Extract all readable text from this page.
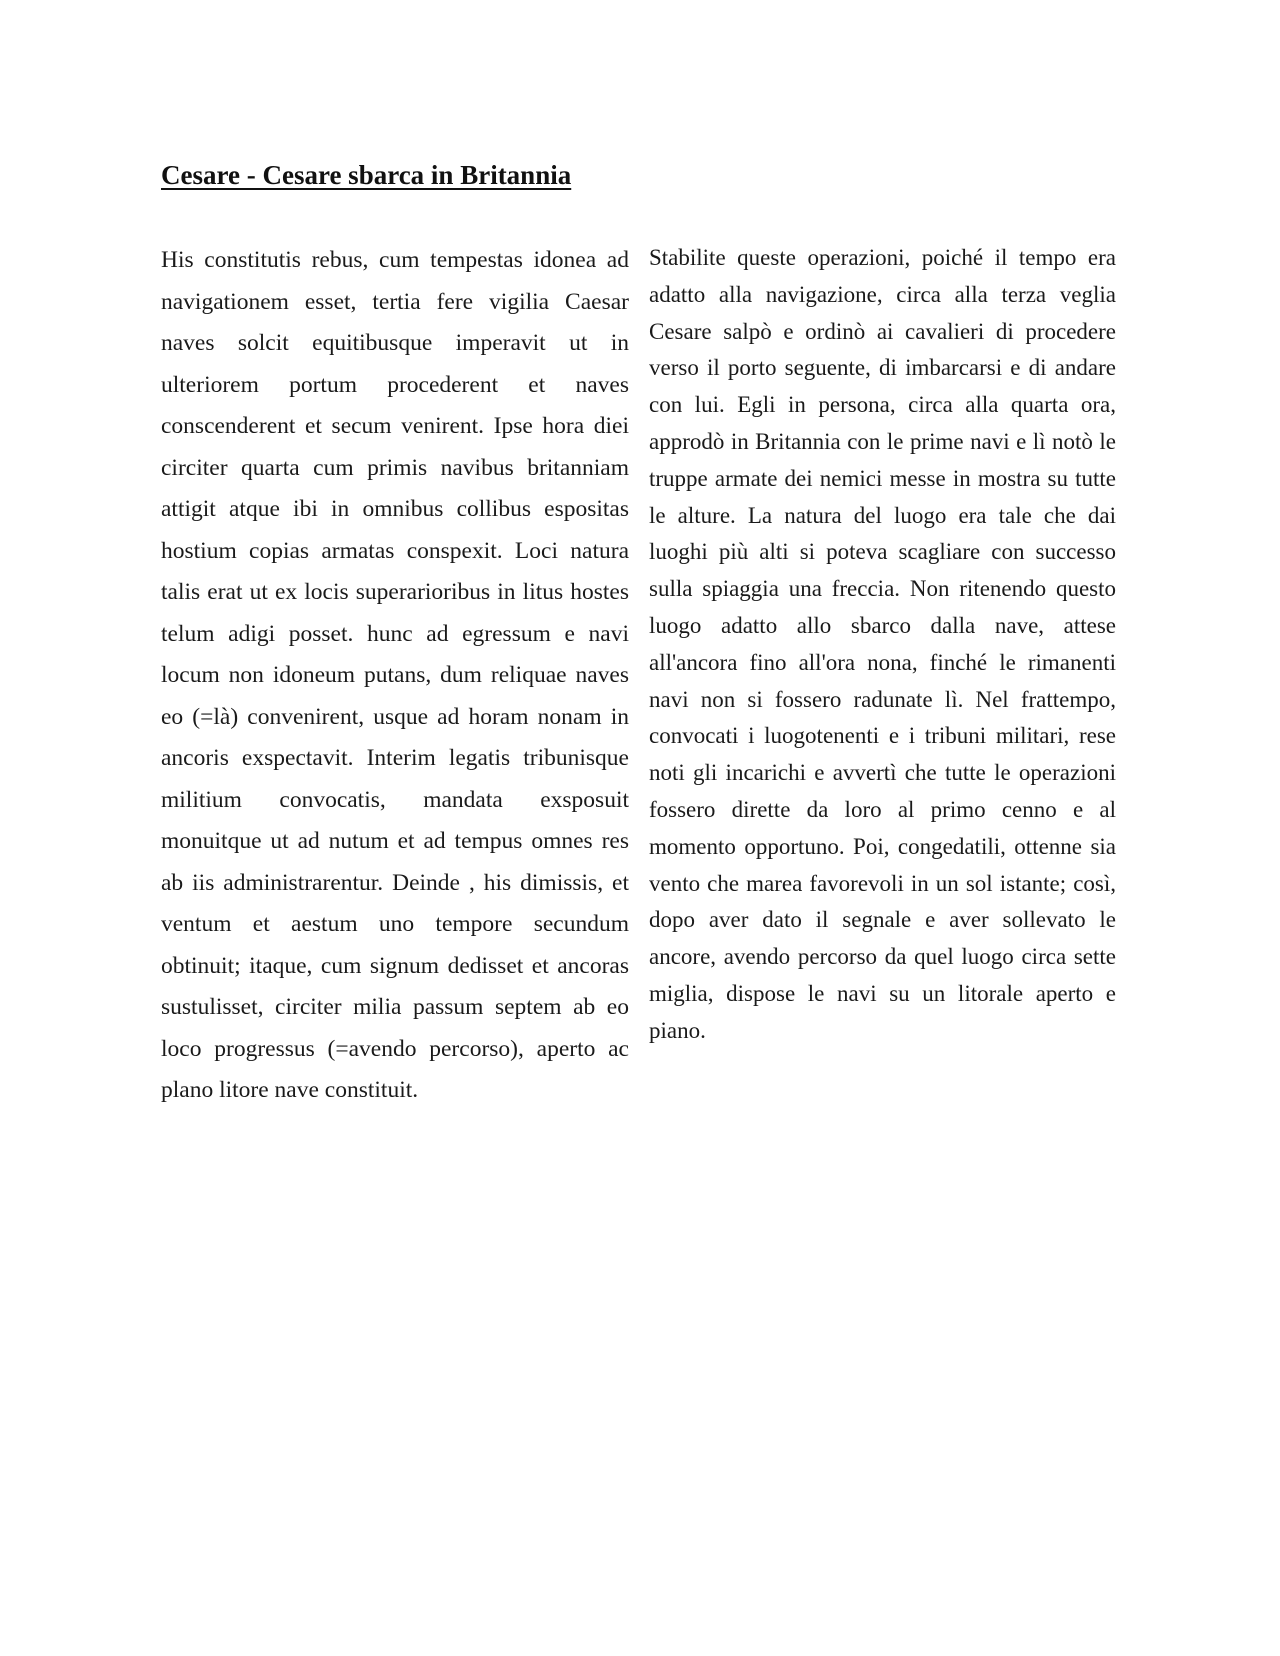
Cesare - Cesare sbarca in Britannia

His constitutis rebus, cum tempestas idonea ad navigationem esset, tertia fere vigilia Caesar naves solcit equitibusque imperavit ut in ulteriorem portum procederent et naves conscenderent et secum venirent. Ipse hora diei circiter quarta cum primis navibus britanniam attigit atque ibi in omnibus collibus espositas hostium copias armatas conspexit. Loci natura talis erat ut ex locis superarioribus in litus hostes telum adigi posset. hunc ad egressum e navi locum non idoneum putans, dum reliquae naves eo (=là) convenirent, usque ad horam nonam in ancoris exspectavit. Interim legatis tribunisque militium convocatis, mandata exsposuit monuitque ut ad nutum et ad tempus omnes res ab iis administrarentur. Deinde , his dimissis, et ventum et aestum uno tempore secundum obtinuit; itaque, cum signum dedisset et ancoras sustulisset, circiter milia passum septem ab eo loco progressus (=avendo percorso), aperto ac plano litore nave constituit.

Stabilite queste operazioni, poiché il tempo era adatto alla navigazione, circa alla terza veglia Cesare salpò e ordinò ai cavalieri di procedere verso il porto seguente, di imbarcarsi e di andare con lui. Egli in persona, circa alla quarta ora, approdò in Britannia con le prime navi e lì notò le truppe armate dei nemici messe in mostra su tutte le alture. La natura del luogo era tale che dai luoghi più alti si poteva scagliare con successo sulla spiaggia una freccia. Non ritenendo questo luogo adatto allo sbarco dalla nave, attese all'ancora fino all'ora nona, finché le rimanenti navi non si fossero radunate lì. Nel frattempo, convocati i luogotenenti e i tribuni militari, rese noti gli incarichi e avvertì che tutte le operazioni fossero dirette da loro al primo cenno e al momento opportuno. Poi, congedatili, ottenne sia vento che marea favorevoli in un sol istante; così, dopo aver dato il segnale e aver sollevato le ancore, avendo percorso da quel luogo circa sette miglia, dispose le navi su un litorale aperto e piano.
